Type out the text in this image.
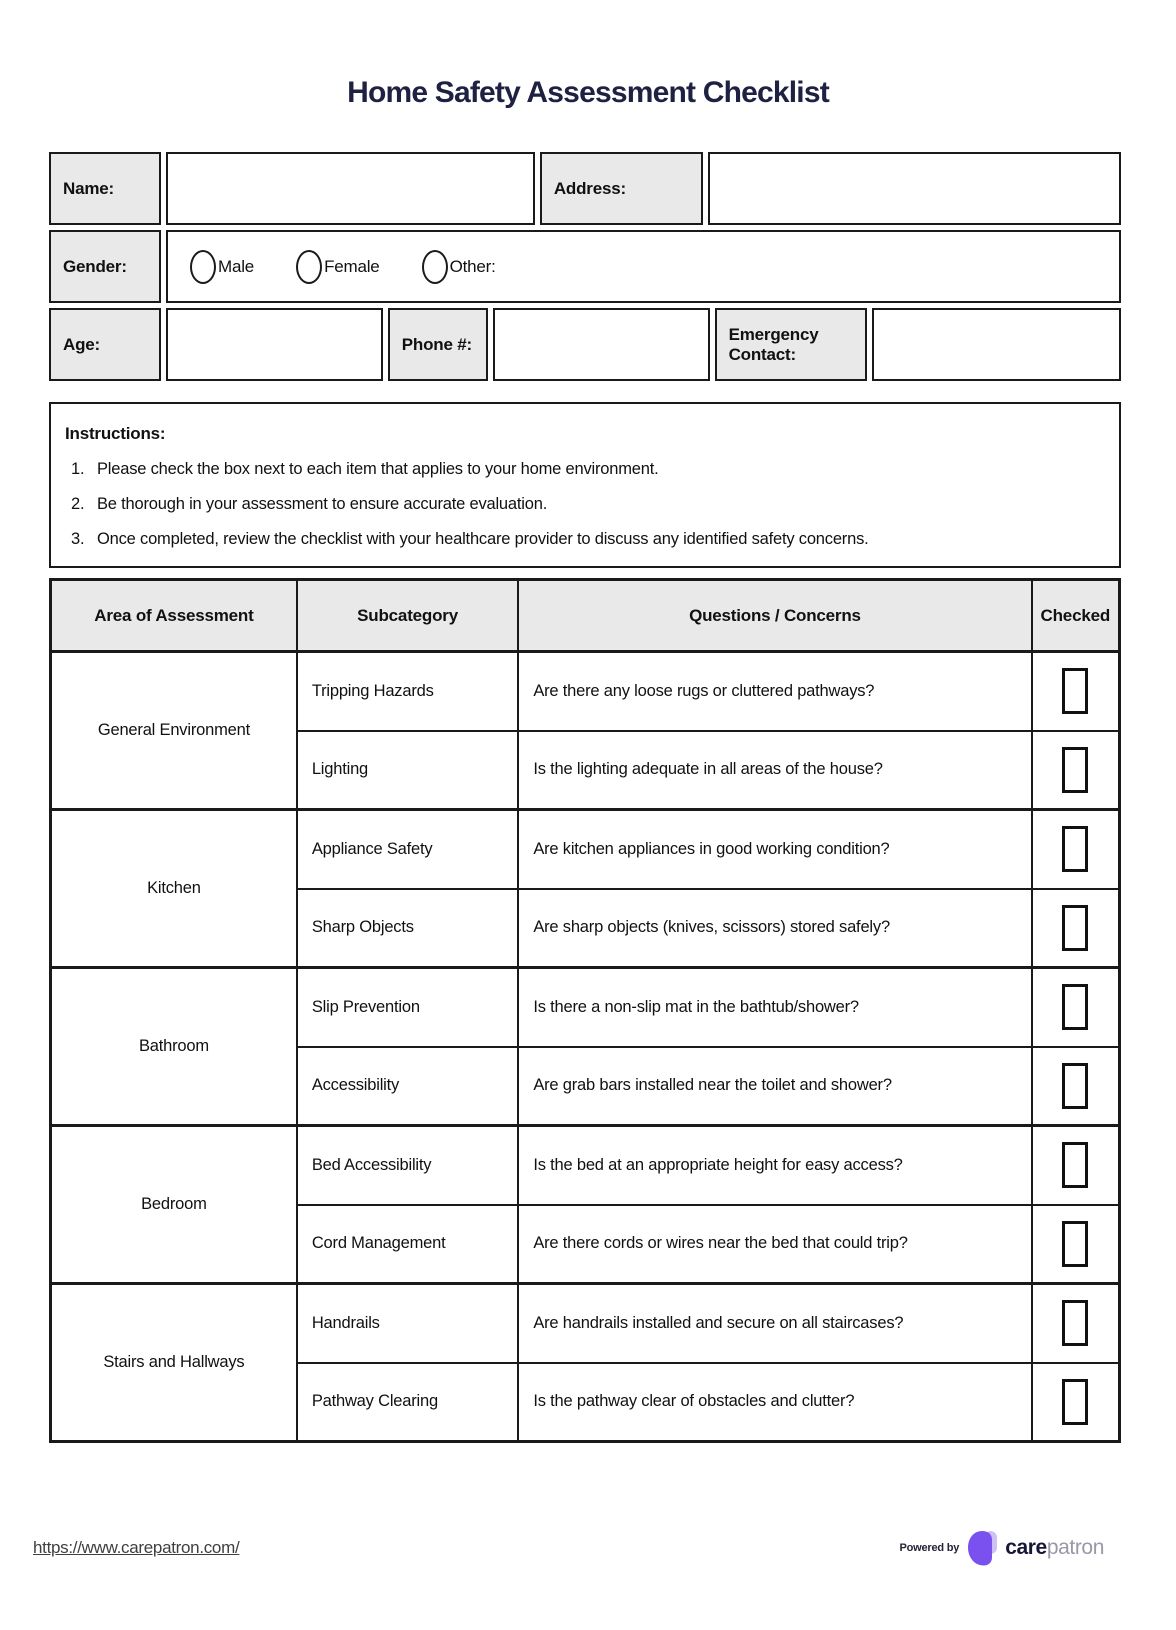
Home Safety Assessment Checklist
Name:	Address:
Gender:	Male	Female	Other:
Age:	Phone #:
Emergency Contact:
Instructions:
1. Please check the box next to each item that applies to your home environment.
2. Be thorough in your assessment to ensure accurate evaluation.
3. Once completed, review the checklist with your healthcare provider to discuss any identified safety concerns.
Area of Assessment	Subcategory	Questions / Concerns	Checked
General Environment	Tripping Hazards	Are there any loose rugs or cluttered pathways?	
	Lighting	Is the lighting adequate in all areas of the house?	
Kitchen	Appliance Safety	Are kitchen appliances in good working condition?	
	Sharp Objects	Are sharp objects (knives, scissors) stored safely?	
Bathroom	Slip Prevention	Is there a non-slip mat in the bathtub/shower?	
	Accessibility	Are grab bars installed near the toilet and shower?	
Bedroom	Bed Accessibility	Is the bed at an appropriate height for easy access?	
	Cord Management	Are there cords or wires near the bed that could trip?	
Stairs and Hallways	Handrails	Are handrails installed and secure on all staircases?	
	Pathway Clearing	Is the pathway clear of obstacles and clutter?	
https://www.carepatron.com/	Powered by carepatron
